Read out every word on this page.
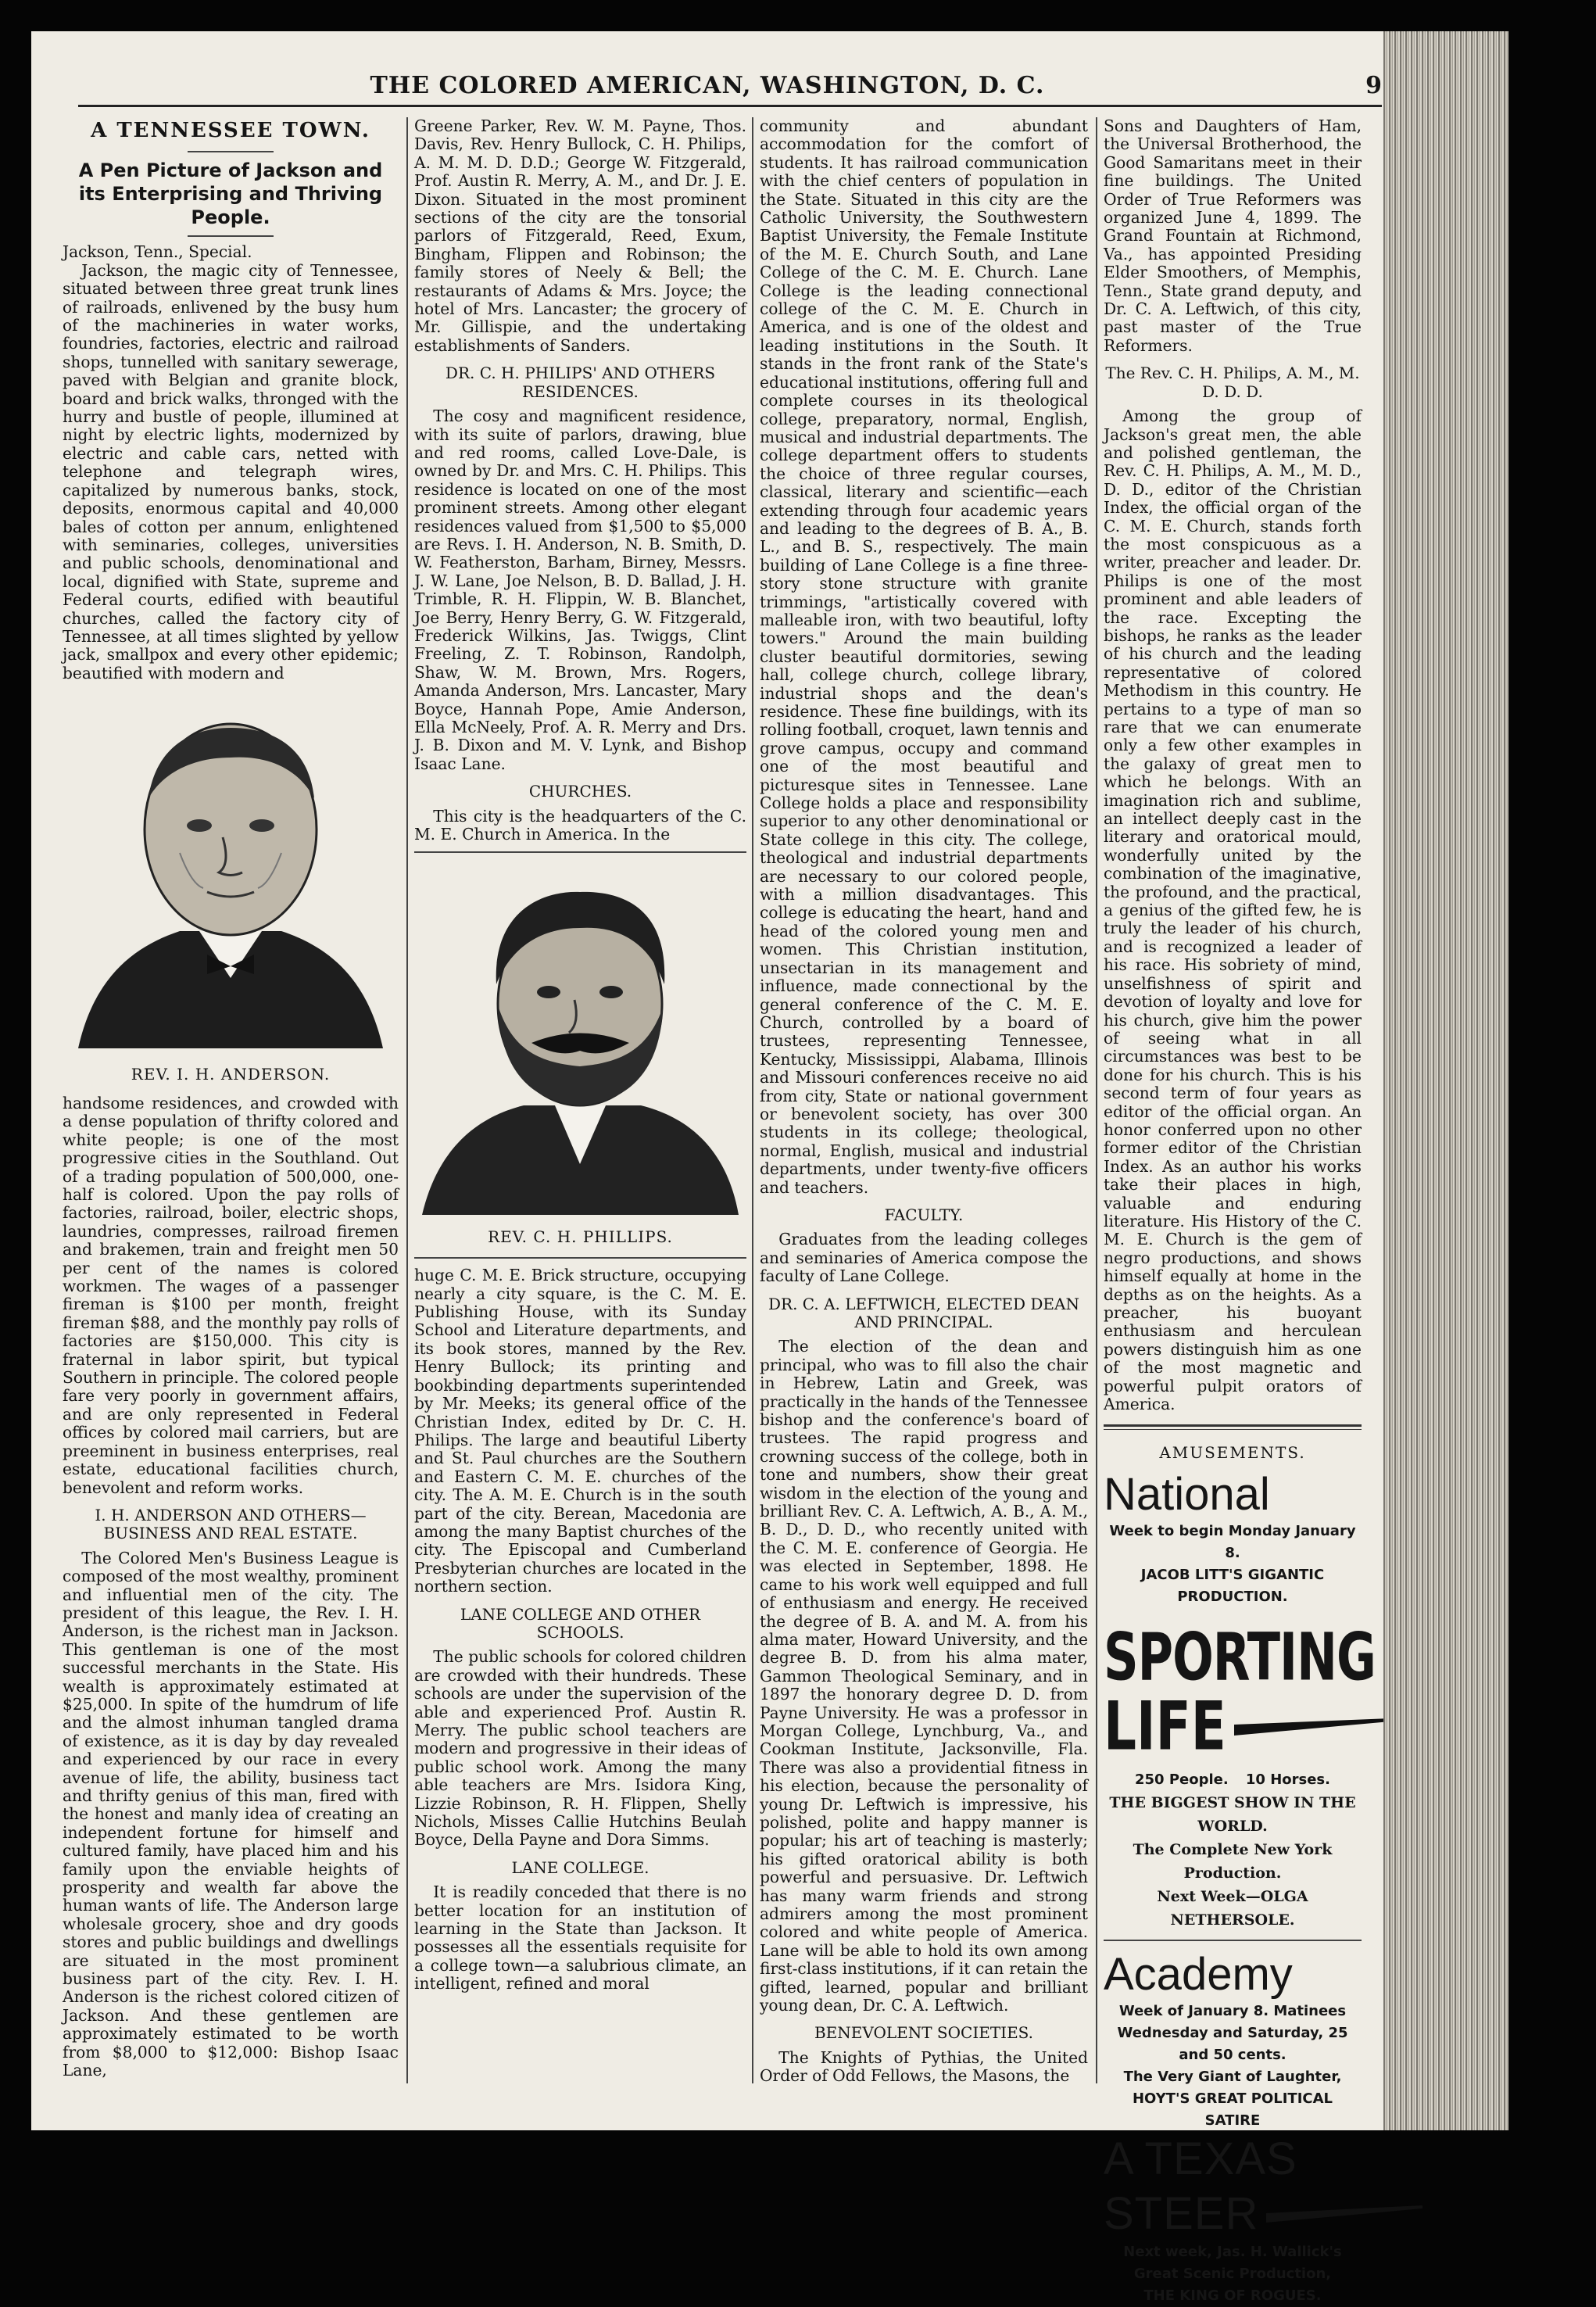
THE COLORED AMERICAN, WASHINGTON, D. C.	9
A TENNESSEE TOWN.
A Pen Picture of Jackson and its Enterprising and Thriving People.

Jackson, Tenn., Special.

Jackson, the magic city of Tennessee, situated between three great trunk lines of railroads, enlivened by the busy hum of the machineries in water works, foundries, factories, electric and railroad shops, tunnelled with sanitary sewerage, paved with Belgian and granite block, board and brick walks, thronged with the hurry and bustle of people, illumined at night by electric lights, modernized by electric and cable cars, netted with telephone and telegraph wires, capitalized by numerous banks, stock, deposits, enormous capital and 40,000 bales of cotton per annum, enlightened with seminaries, colleges, universities and public schools, denominational and local, dignified with State, supreme and Federal courts, edified with beautiful churches, called the factory city of Tennessee, at all times slighted by yellow jack, smallpox and every other epidemic; beautified with modern and

REV. I. H. ANDERSON.

handsome residences, and crowded with a dense population of thrifty colored and white people; is one of the most progressive cities in the Southland. Out of a trading population of 500,000, one-half is colored. Upon the pay rolls of factories, railroad, boiler, electric shops, laundries, compresses, railroad firemen and brakemen, train and freight men 50 per cent of the names is colored workmen. The wages of a passenger fireman is $100 per month, freight fireman $88, and the monthly pay rolls of factories are $150,000. This city is fraternal in labor spirit, but typical Southern in principle. The colored people fare very poorly in government affairs, and are only represented in Federal offices by colored mail carriers, but are preeminent in business enterprises, real estate, educational facilities church, benevolent and reform works.

I. H. ANDERSON AND OTHERS—BUSINESS AND REAL ESTATE.

The Colored Men's Business League is composed of the most wealthy, prominent and influential men of the city. The president of this league, the Rev. I. H. Anderson, is the richest man in Jackson. This gentleman is one of the most successful merchants in the State. His wealth is approximately estimated at $25,000. In spite of the humdrum of life and the almost inhuman tangled drama of existence, as it is day by day revealed and experienced by our race in every avenue of life, the ability, business tact and thrifty genius of this man, fired with the honest and manly idea of creating an independent fortune for himself and cultured family, have placed him and his family upon the enviable heights of prosperity and wealth far above the human wants of life. The Anderson large wholesale grocery, shoe and dry goods stores and public buildings and dwellings are situated in the most prominent business part of the city. Rev. I. H. Anderson is the richest colored citizen of Jackson. And these gentlemen are approximately estimated to be worth from $8,000 to $12,000: Bishop Isaac Lane,

Greene Parker, Rev. W. M. Payne, Thos. Davis, Rev. Henry Bullock, C. H. Philips, A. M. M. D. D.D.; George W. Fitzgerald, Prof. Austin R. Merry, A. M., and Dr. J. E. Dixon. Situated in the most prominent sections of the city are the tonsorial parlors of Fitzgerald, Reed, Exum, Bingham, Flippen and Robinson; the family stores of Neely & Bell; the restaurants of Adams & Mrs. Joyce; the hotel of Mrs. Lancaster; the grocery of Mr. Gillispie, and the undertaking establishments of Sanders.

DR. C. H. PHILIPS' AND OTHERS RESIDENCES.

The cosy and magnificent residence, with its suite of parlors, drawing, blue and red rooms, called Love-Dale, is owned by Dr. and Mrs. C. H. Philips. This residence is located on one of the most prominent streets. Among other elegant residences valued from $1,500 to $5,000 are Revs. I. H. Anderson, N. B. Smith, D. W. Featherston, Barham, Birney, Messrs. J. W. Lane, Joe Nelson, B. D. Ballad, J. H. Trimble, R. H. Flippin, W. B. Blanchet, Joe Berry, Henry Berry, G. W. Fitzgerald, Frederick Wilkins, Jas. Twiggs, Clint Freeling, Z. T. Robinson, Randolph, Shaw, W. M. Brown, Mrs. Rogers, Amanda Anderson, Mrs. Lancaster, Mary Boyce, Hannah Pope, Amie Anderson, Ella McNeely, Prof. A. R. Merry and Drs. J. B. Dixon and M. V. Lynk, and Bishop Isaac Lane.

CHURCHES.

This city is the headquarters of the C. M. E. Church in America. In the

REV. C. H. PHILLIPS.

huge C. M. E. Brick structure, occupying nearly a city square, is the C. M. E. Publishing House, with its Sunday School and Literature departments, and its book stores, manned by the Rev. Henry Bullock; its printing and bookbinding departments superintended by Mr. Meeks; its general office of the Christian Index, edited by Dr. C. H. Philips. The large and beautiful Liberty and St. Paul churches are the Southern and Eastern C. M. E. churches of the city. The A. M. E. Church is in the south part of the city. Berean, Macedonia are among the many Baptist churches of the city. The Episcopal and Cumberland Presbyterian churches are located in the northern section.

LANE COLLEGE AND OTHER SCHOOLS.

The public schools for colored children are crowded with their hundreds. These schools are under the supervision of the able and experienced Prof. Austin R. Merry. The public school teachers are modern and progressive in their ideas of public school work. Among the many able teachers are Mrs. Isidora King, Lizzie Robinson, R. H. Flippen, Shelly Nichols, Misses Callie Hutchins Beulah Boyce, Della Payne and Dora Simms.

LANE COLLEGE.

It is readily conceded that there is no better location for an institution of learning in the State than Jackson. It possesses all the essentials requisite for a college town—a salubrious climate, an intelligent, refined and moral

community and abundant accommodation for the comfort of students. It has railroad communication with the chief centers of population in the State. Situated in this city are the Catholic University, the Southwestern Baptist University, the Female Institute of the M. E. Church South, and Lane College of the C. M. E. Church. Lane College is the leading connectional college of the C. M. E. Church in America, and is one of the oldest and leading institutions in the South. It stands in the front rank of the State's educational institutions, offering full and complete courses in its theological college, preparatory, normal, English, musical and industrial departments. The college department offers to students the choice of three regular courses, classical, literary and scientific—each extending through four academic years and leading to the degrees of B. A., B. L., and B. S., respectively. The main building of Lane College is a fine three-story stone structure with granite trimmings, "artistically covered with malleable iron, with two beautiful, lofty towers." Around the main building cluster beautiful dormitories, sewing hall, college church, college library, industrial shops and the dean's residence. These fine buildings, with its rolling football, croquet, lawn tennis and grove campus, occupy and command one of the most beautiful and picturesque sites in Tennessee. Lane College holds a place and responsibility superior to any other denominational or State college in this city. The college, theological and industrial departments are necessary to our colored people, with a million disadvantages. This college is educating the heart, hand and head of the colored young men and women. This Christian institution, unsectarian in its management and influence, made connectional by the general conference of the C. M. E. Church, controlled by a board of trustees, representing Tennessee, Kentucky, Mississippi, Alabama, Illinois and Missouri conferences receive no aid from city, State or national government or benevolent society, has over 300 students in its college; theological, normal, English, musical and industrial departments, under twenty-five officers and teachers.

FACULTY.

Graduates from the leading colleges and seminaries of America compose the faculty of Lane College.

DR. C. A. LEFTWICH, ELECTED DEAN AND PRINCIPAL.

The election of the dean and principal, who was to fill also the chair in Hebrew, Latin and Greek, was practically in the hands of the Tennessee bishop and the conference's board of trustees. The rapid progress and crowning success of the college, both in tone and numbers, show their great wisdom in the election of the young and brilliant Rev. C. A. Leftwich, A. B., A. M., B. D., D. D., who recently united with the C. M. E. conference of Georgia. He was elected in September, 1898. He came to his work well equipped and full of enthusiasm and energy. He received the degree of B. A. and M. A. from his alma mater, Howard University, and the degree B. D. from his alma mater, Gammon Theological Seminary, and in 1897 the honorary degree D. D. from Payne University. He was a professor in Morgan College, Lynchburg, Va., and Cookman Institute, Jacksonville, Fla. There was also a providential fitness in his election, because the personality of young Dr. Leftwich is impressive, his polished, polite and happy manner is popular; his art of teaching is masterly; his gifted oratorical ability is both powerful and persuasive. Dr. Leftwich has many warm friends and strong admirers among the most prominent colored and white people of America. Lane will be able to hold its own among first-class institutions, if it can retain the gifted, learned, popular and brilliant young dean, Dr. C. A. Leftwich.

BENEVOLENT SOCIETIES.

The Knights of Pythias, the United Order of Odd Fellows, the Masons, the

Sons and Daughters of Ham, the Universal Brotherhood, the Good Samaritans meet in their fine buildings. The United Order of True Reformers was organized June 4, 1899. The Grand Fountain at Richmond, Va., has appointed Presiding Elder Smoothers, of Memphis, Tenn., State grand deputy, and Dr. C. A. Leftwich, of this city, past master of the True Reformers.

The Rev. C. H. Philips, A. M., M. D. D. D.

Among the group of Jackson's great men, the able and polished gentleman, the Rev. C. H. Philips, A. M., M. D., D. D., editor of the Christian Index, the official organ of the C. M. E. Church, stands forth the most conspicuous as a writer, preacher and leader. Dr. Philips is one of the most prominent and able leaders of the race. Excepting the bishops, he ranks as the leader of his church and the leading representative of colored Methodism in this country. He pertains to a type of man so rare that we can enumerate only a few other examples in the galaxy of great men to which he belongs. With an imagination rich and sublime, an intellect deeply cast in the literary and oratorical mould, wonderfully united by the combination of the imaginative, the profound, and the practical, a genius of the gifted few, he is truly the leader of his church, and is recognized a leader of his race. His sobriety of mind, unselfishness of spirit and devotion of loyalty and love for his church, give him the power of seeing what in all circumstances was best to be done for his church. This is his second term of four years as editor of the official organ. An honor conferred upon no other former editor of the Christian Index. As an author his works take their places in high, valuable and enduring literature. His History of the C. M. E. Church is the gem of negro productions, and shows himself equally at home in the depths as on the heights. As a preacher, his buoyant enthusiasm and herculean powers distinguish him as one of the most magnetic and powerful pulpit orators of America.

AMUSEMENTS.
National
Week to begin Monday January 8.
JACOB LITT'S GIGANTIC PRODUCTION.
SPORTING
LIFE
250 People. 10 Horses.
THE BIGGEST SHOW IN THE WORLD.
The Complete New York Production.
Next Week—OLGA NETHERSOLE.
Academy
Week of January 8. Matinees Wednesday and Saturday, 25 and 50 cents.
The Very Giant of Laughter,
HOYT'S GREAT POLITICAL SATIRE
A TEXAS
STEER
Next week, Jas. H. Wallick's Great Scenic Production,
THE KING OF ROGUES.
